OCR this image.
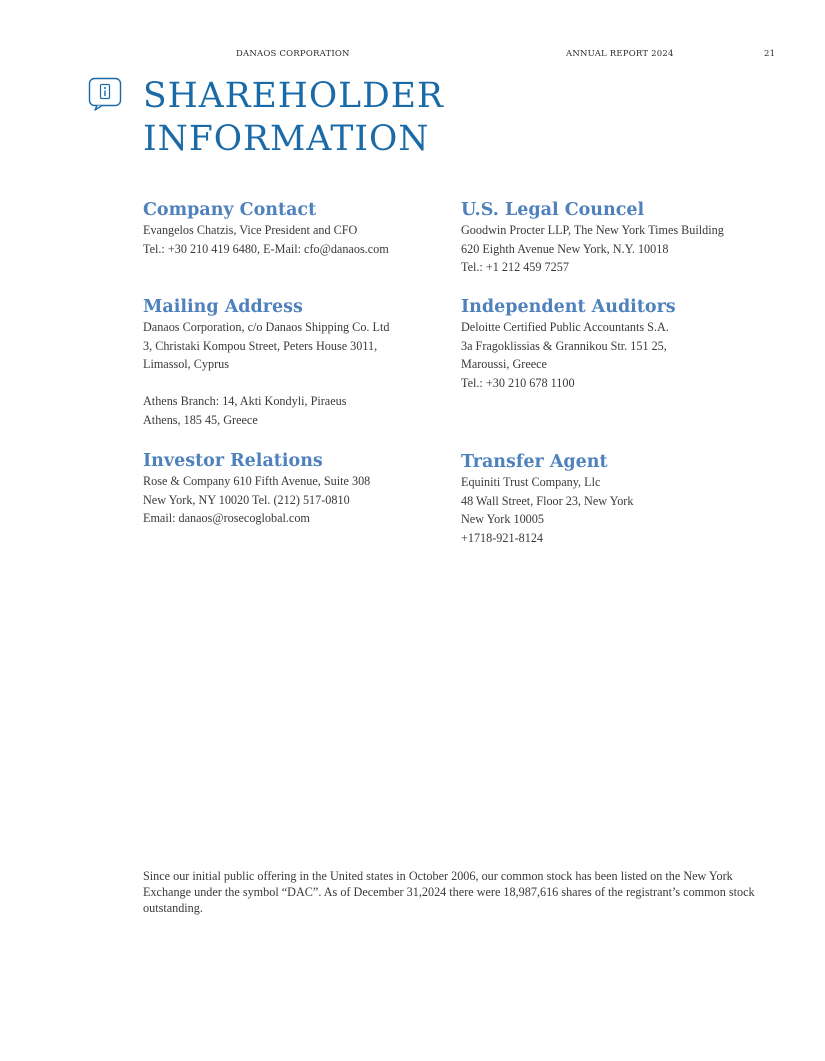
DANAOS CORPORATION	ANNUAL REPORT 2024	21
SHAREHOLDER
INFORMATION
Company Contact
Evangelos Chatzis, Vice President and CFO
Tel.: +30 210 419 6480, E-Mail: cfo@danaos.com
U.S. Legal Councel
Goodwin Procter LLP, The New York Times Building
620 Eighth Avenue New York, N.Y. 10018
Tel.: +1 212 459 7257
Mailing Address
Danaos Corporation, c/o Danaos Shipping Co. Ltd
3, Christaki Kompou Street, Peters House 3011,
Limassol, Cyprus
Athens Branch: 14, Akti Kondyli, Piraeus
Athens, 185 45, Greece
Independent Auditors
Deloitte Certified Public Accountants S.A.
3a Fragoklissias & Grannikou Str. 151 25,
Maroussi, Greece
Tel.: +30 210 678 1100
Investor Relations
Rose & Company 610 Fifth Avenue, Suite 308
New York, NY 10020 Tel. (212) 517-0810
Email: danaos@rosecoglobal.com
Transfer Agent
Equiniti Trust Company, Llc
48 Wall Street, Floor 23, New York
New York 10005
+1718-921-8124

Since our initial public offering in the United states in October 2006, our common stock has been listed on the New York Exchange under the symbol “DAC”. As of December 31,2024 there were 18,987,616 shares of the registrant’s common stock outstanding.
